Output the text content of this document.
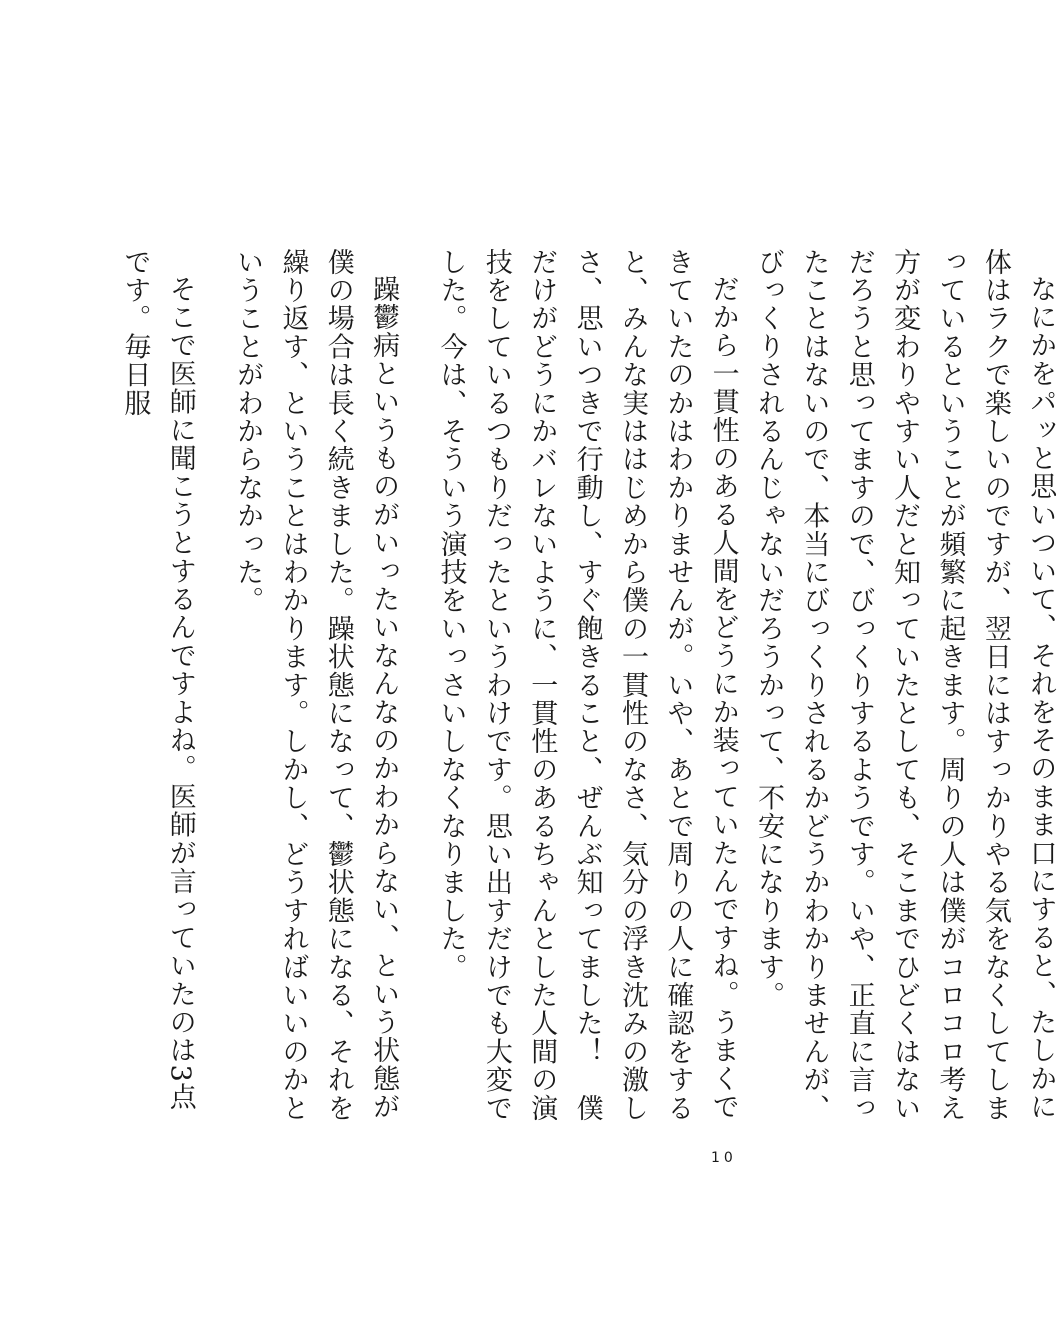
なにかをパッと思いついて、それをそのまま口にすると、たしかに体はラクで楽しいのですが、翌日にはすっかりやる気をなくしてしまっているということが頻繁に起きます。周りの人は僕がコロコロ考え方が変わりやすい人だと知っていたとしても、そこまでひどくはないだろうと思ってますので、びっくりするようです。いや、正直に言ったことはないので、本当にびっくりされるかどうかわかりませんが、びっくりされるんじゃないだろうかって、不安になります。

だから一貫性のある人間をどうにか装っていたんですね。うまくできていたのかはわかりませんが。いや、あとで周りの人に確認をすると、みんな実ははじめから僕の一貫性のなさ、気分の浮き沈みの激しさ、思いつきで行動し、すぐ飽きること、ぜんぶ知ってました！　僕だけがどうにかバレないように、一貫性のあるちゃんとした人間の演技をしているつもりだったというわけです。思い出すだけでも大変でした。今は、そういう演技をいっさいしなくなりました。

躁鬱病というものがいったいなんなのかわからない、という状態が僕の場合は長く続きました。躁状態になって、鬱状態になる、それを繰り返す、ということはわかります。しかし、どうすればいいのかということがわからなかった。

そこで医師に聞こうとするんですよね。医師が言っていたのは3点です。毎日服

10
